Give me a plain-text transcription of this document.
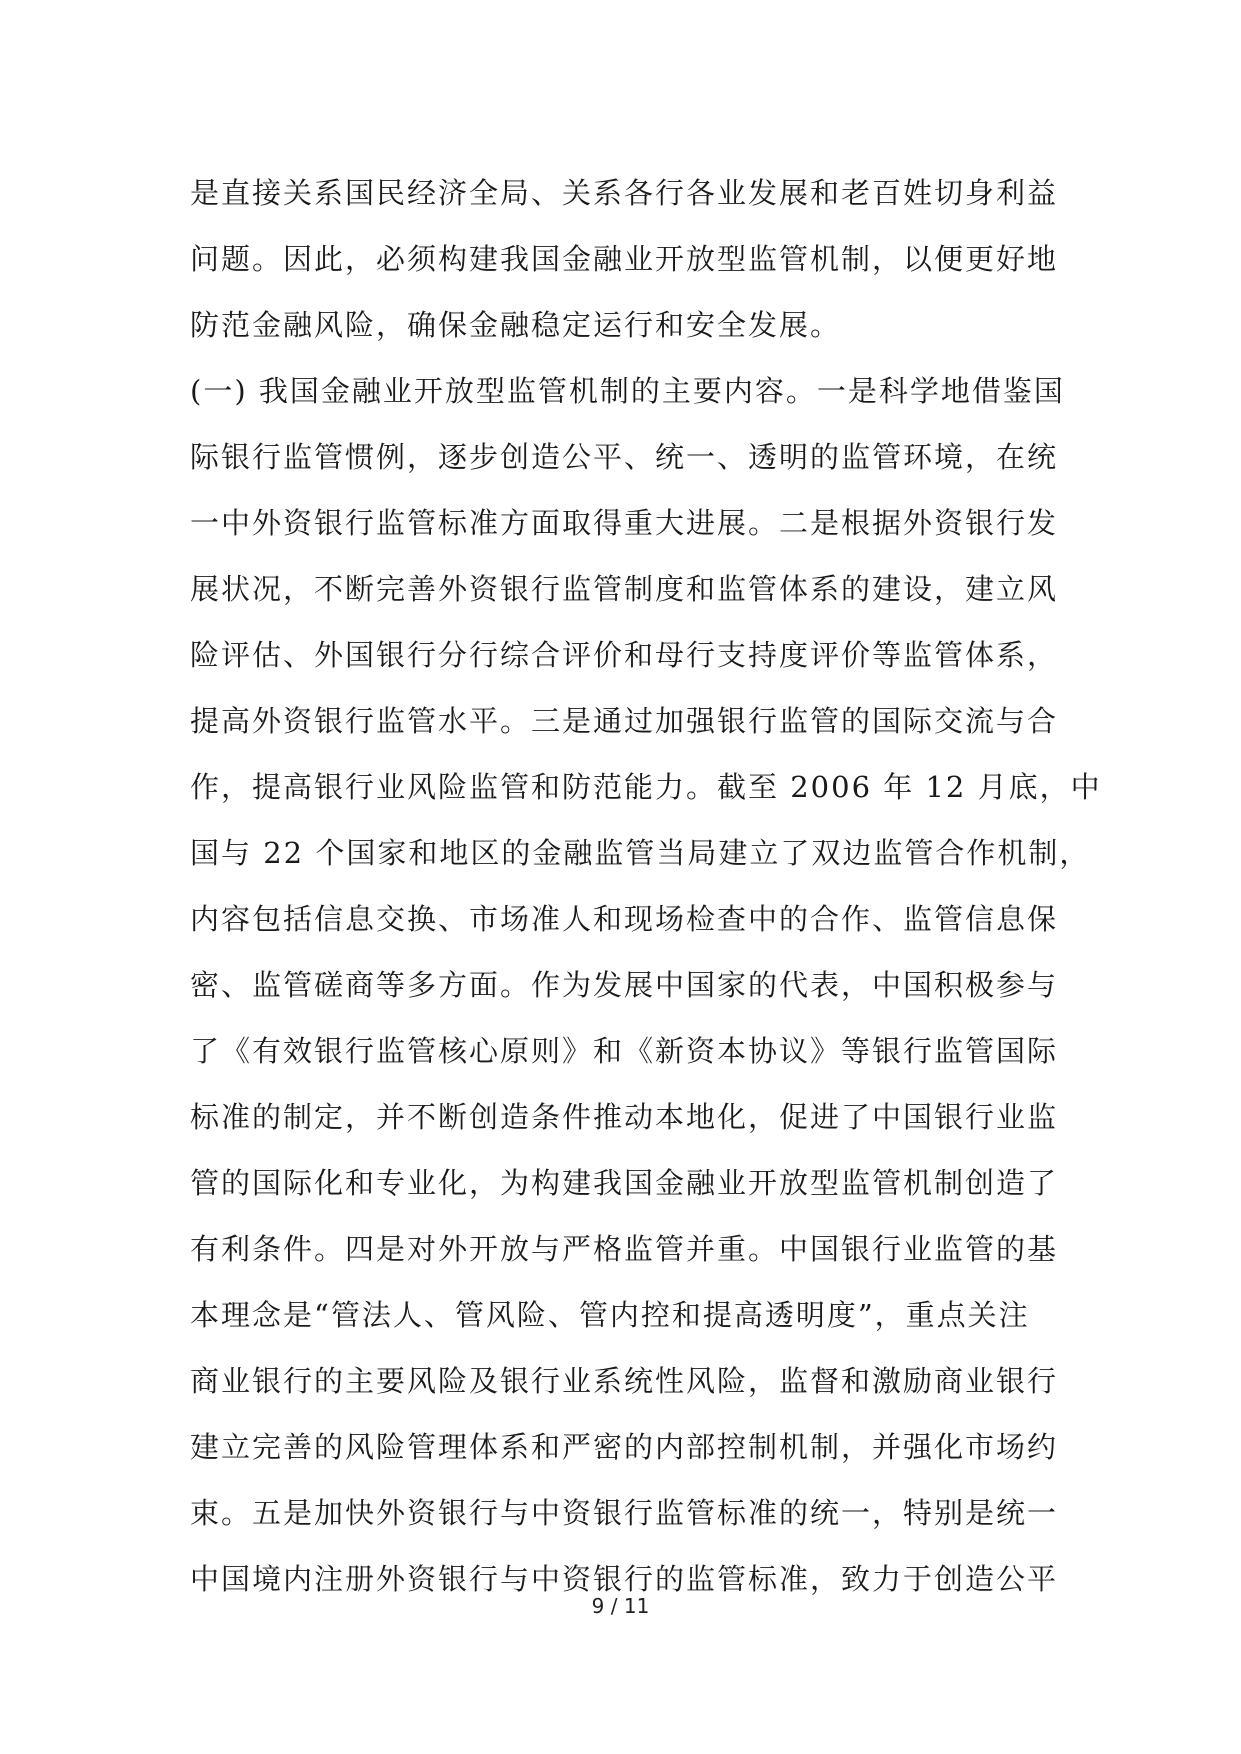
是直接关系国民经济全局、关系各行各业发展和老百姓切身利益
问题。因此，必须构建我国金融业开放型监管机制，以便更好地
防范金融风险，确保金融稳定运行和安全发展。
(一) 我国金融业开放型监管机制的主要内容。一是科学地借鉴国
际银行监管惯例，逐步创造公平、统一、透明的监管环境，在统
一中外资银行监管标准方面取得重大进展。二是根据外资银行发
展状况，不断完善外资银行监管制度和监管体系的建设，建立风
险评估、外国银行分行综合评价和母行支持度评价等监管体系，
提高外资银行监管水平。三是通过加强银行监管的国际交流与合
作，提高银行业风险监管和防范能力。截至 2006 年 12 月底，中
国与 22 个国家和地区的金融监管当局建立了双边监管合作机制，
内容包括信息交换、市场准人和现场检查中的合作、监管信息保
密、监管磋商等多方面。作为发展中国家的代表，中国积极参与
了《有效银行监管核心原则》和《新资本协议》等银行监管国际
标准的制定，并不断创造条件推动本地化，促进了中国银行业监
管的国际化和专业化，为构建我国金融业开放型监管机制创造了
有利条件。四是对外开放与严格监管并重。中国银行业监管的基
本理念是“管法人、管风险、管内控和提高透明度”，重点关注
商业银行的主要风险及银行业系统性风险，监督和激励商业银行
建立完善的风险管理体系和严密的内部控制机制，并强化市场约
束。五是加快外资银行与中资银行监管标准的统一，特别是统一
中国境内注册外资银行与中资银行的监管标准，致力于创造公平
9 / 11
